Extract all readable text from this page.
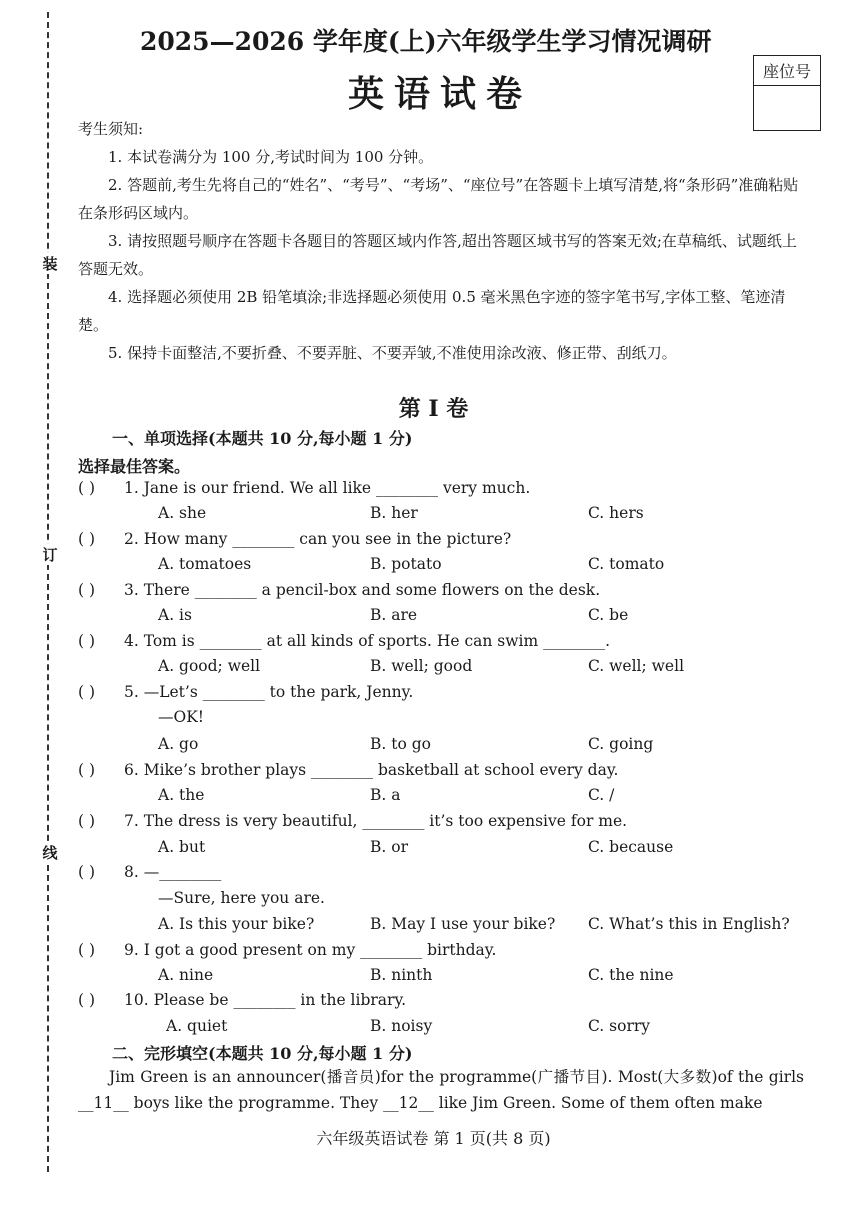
装
订
线
2025—2026 学年度(上)六年级学生学习情况调研
英语试卷
座位号
考生须知:
1. 本试卷满分为 100 分,考试时间为 100 分钟。
2. 答题前,考生先将自己的“姓名”、“考号”、“考场”、“座位号”在答题卡上填写清楚,将“条形码”准确粘贴在条形码区域内。
3. 请按照题号顺序在答题卡各题目的答题区域内作答,超出答题区域书写的答案无效;在草稿纸、试题纸上答题无效。
4. 选择题必须使用 2B 铅笔填涂;非选择题必须使用 0.5 毫米黑色字迹的签字笔书写,字体工整、笔迹清楚。
5. 保持卡面整洁,不要折叠、不要弄脏、不要弄皱,不准使用涂改液、修正带、刮纸刀。
第 I 卷
一、单项选择(本题共 10 分,每小题 1 分)
选择最佳答案。
( ) 1. Jane is our friend. We all like ________ very much.
A. she	B. her	C. hers
( ) 2. How many ________ can you see in the picture?
A. tomatoes	B. potato	C. tomato
( ) 3. There ________ a pencil-box and some flowers on the desk.
A. is	B. are	C. be
( ) 4. Tom is ________ at all kinds of sports. He can swim ________.
A. good; well	B. well; good	C. well; well
( ) 5. —Let’s ________ to the park, Jenny.
—OK!
A. go	B. to go	C. going
( ) 6. Mike’s brother plays ________ basketball at school every day.
A. the	B. a	C. /
( ) 7. The dress is very beautiful, ________ it’s too expensive for me.
A. but	B. or	C. because
( ) 8. —________
—Sure, here you are.
A. Is this your bike?	B. May I use your bike? C. What’s this in English?
( ) 9. I got a good present on my ________ birthday.
A. nine	B. ninth	C. the nine
( ) 10. Please be ________ in the library.
A. quiet	B. noisy	C. sorry
二、完形填空(本题共 10 分,每小题 1 分)
Jim Green is an announcer(播音员)for the programme(广播节目). Most(大多数)of the girls __11__ boys like the programme. They __12__ like Jim Green. Some of them often make
六年级英语试卷 第 1 页(共 8 页)
